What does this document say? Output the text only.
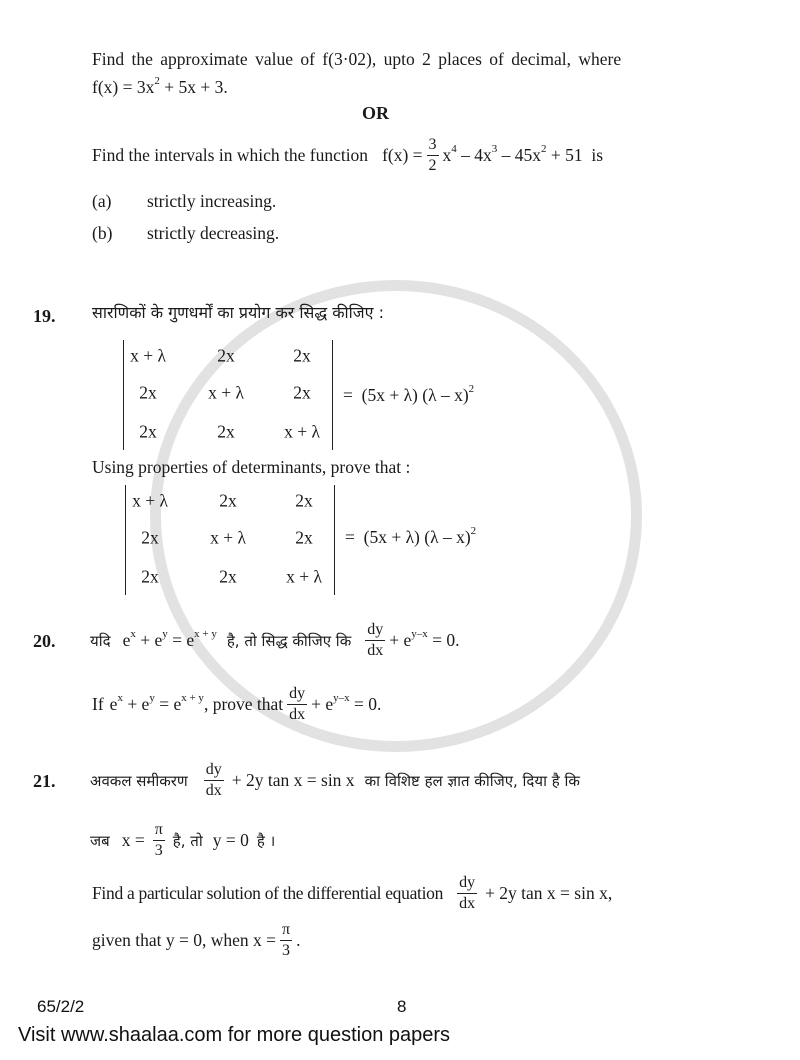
Find the approximate value of f(3·02), upto 2 places of decimal, where
$f(x) = 3x^2 + 5x + 3$.
OR
Find the intervals in which the function $f(x) = \frac{3}{2} x^4 - 4x^3 - 45x^2 + 51$  is
(a) strictly increasing.
(b) strictly decreasing.
19. सारणिकों के गुणधर्मों का प्रयोग कर सिद्ध कीजिए :
x + λ	2x	2x
2x	x + λ	2x
2x	2x	x + λ
=  (5x + λ) (λ – x)$^2$
Using properties of determinants, prove that :
x + λ	2x	2x
2x	x + λ	2x
2x	2x	x + λ
=  (5x + λ) (λ – x)$^2$
20. यदि $e^x + e^y = e^{x + y}$ है, तो सिद्ध कीजिए कि $\frac{dy}{dx} + e^{y-x} = 0$.
If $e^x + e^y = e^{x + y}$ , prove that $\frac{dy}{dx} + e^{y-x} = 0$.
21. अवकल समीकरण $\frac{dy}{dx} + 2y$ tan x = sin x का विशिष्ट हल ज्ञात कीजिए, दिया है कि
जब $x = \frac{\pi}{3}$ है, तो y = 0 है ।
Find a particular solution of the differential equation $\frac{dy}{dx} + 2y$ tan x = sin x,
given that y = 0, when $x = \frac{\pi}{3}$ .
65/2/2	8
Visit www.shaalaa.com for more question papers
